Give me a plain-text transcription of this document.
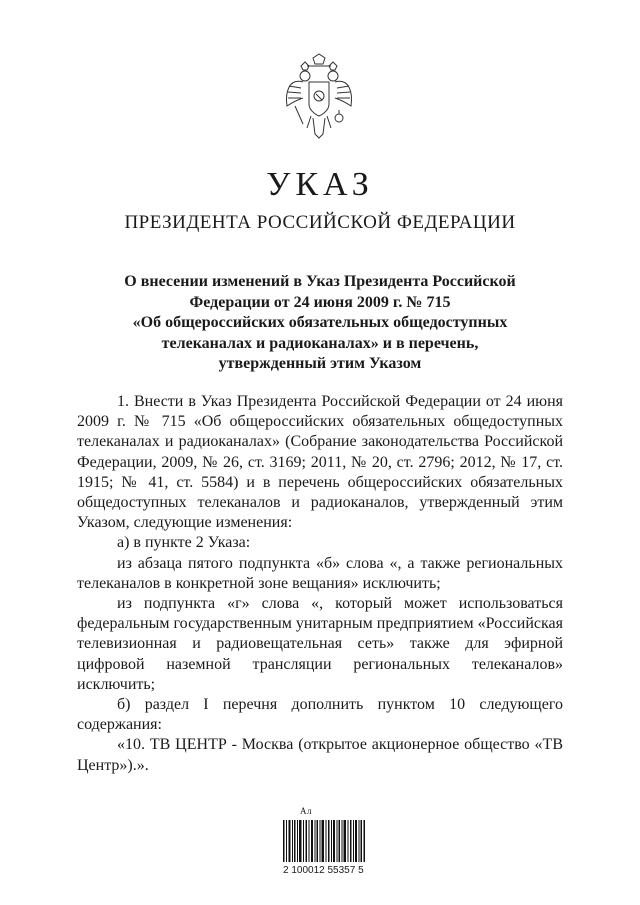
УКАЗ
ПРЕЗИДЕНТА РОССИЙСКОЙ ФЕДЕРАЦИИ
О внесении изменений в Указ Президента Российской
Федерации от 24 июня 2009 г. № 715
«Об общероссийских обязательных общедоступных
телеканалах и радиоканалах» и в перечень,
утвержденный этим Указом

1. Внести в Указ Президента Российской Федерации от 24 июня 2009 г. № 715 «Об общероссийских обязательных общедоступных телеканалах и радиоканалах» (Собрание законодательства Российской Федерации, 2009, № 26, ст. 3169; 2011, № 20, ст. 2796; 2012, № 17, ст. 1915; № 41, ст. 5584) и в перечень общероссийских обязательных общедоступных телеканалов и радиоканалов, утвержденный этим Указом, следующие изменения:

а) в пункте 2 Указа:

из абзаца пятого подпункта «б» слова «, а также региональных телеканалов в конкретной зоне вещания» исключить;

из подпункта «г» слова «, который может использоваться федеральным государственным унитарным предприятием «Российская телевизионная и радиовещательная сеть» также для эфирной цифровой наземной трансляции региональных телеканалов» исключить;

б) раздел I перечня дополнить пунктом 10 следующего содержания:

«10. ТВ ЦЕНТР - Москва (открытое акционерное общество «ТВ Центр»).».

Ал
2 100012 55357 5
